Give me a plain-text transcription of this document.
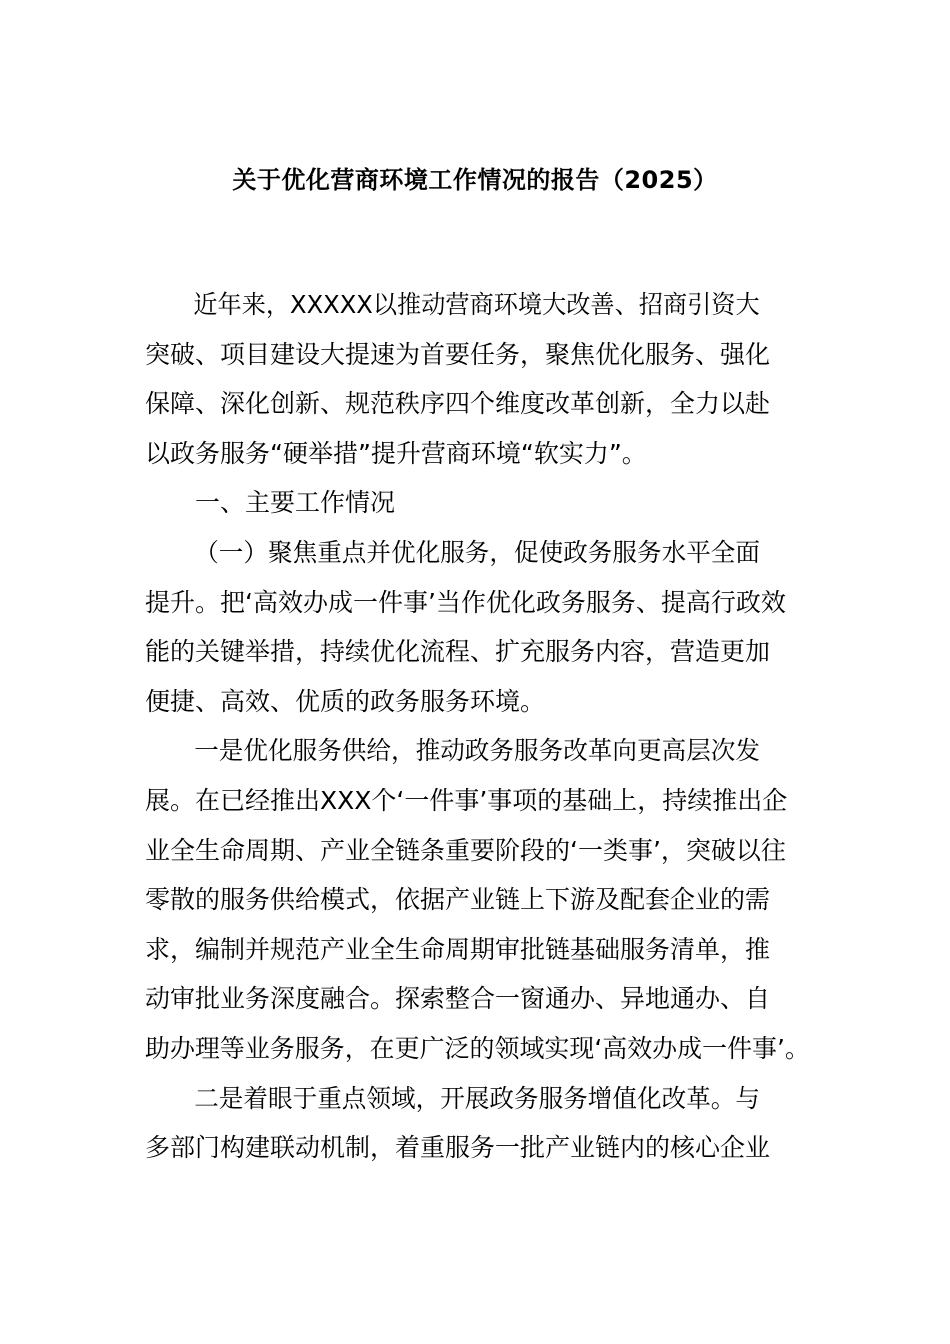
关于优化营商环境工作情况的报告（2025）
近年来，XXXXX以推动营商环境大改善、招商引资大
突破、项目建设大提速为首要任务，聚焦优化服务、强化
保障、深化创新、规范秩序四个维度改革创新，全力以赴
以政务服务“硬举措”提升营商环境“软实力”。
一、主要工作情况
（一）聚焦重点并优化服务，促使政务服务水平全面
提升。把‘高效办成一件事’当作优化政务服务、提高行政效
能的关键举措，持续优化流程、扩充服务内容，营造更加
便捷、高效、优质的政务服务环境。
一是优化服务供给，推动政务服务改革向更高层次发
展。在已经推出XXX个‘一件事’事项的基础上，持续推出企
业全生命周期、产业全链条重要阶段的‘一类事’，突破以往
零散的服务供给模式，依据产业链上下游及配套企业的需
求，编制并规范产业全生命周期审批链基础服务清单，推
动审批业务深度融合。探索整合一窗通办、异地通办、自
助办理等业务服务，在更广泛的领域实现‘高效办成一件事’。
二是着眼于重点领域，开展政务服务增值化改革。与
多部门构建联动机制，着重服务一批产业链内的核心企业
